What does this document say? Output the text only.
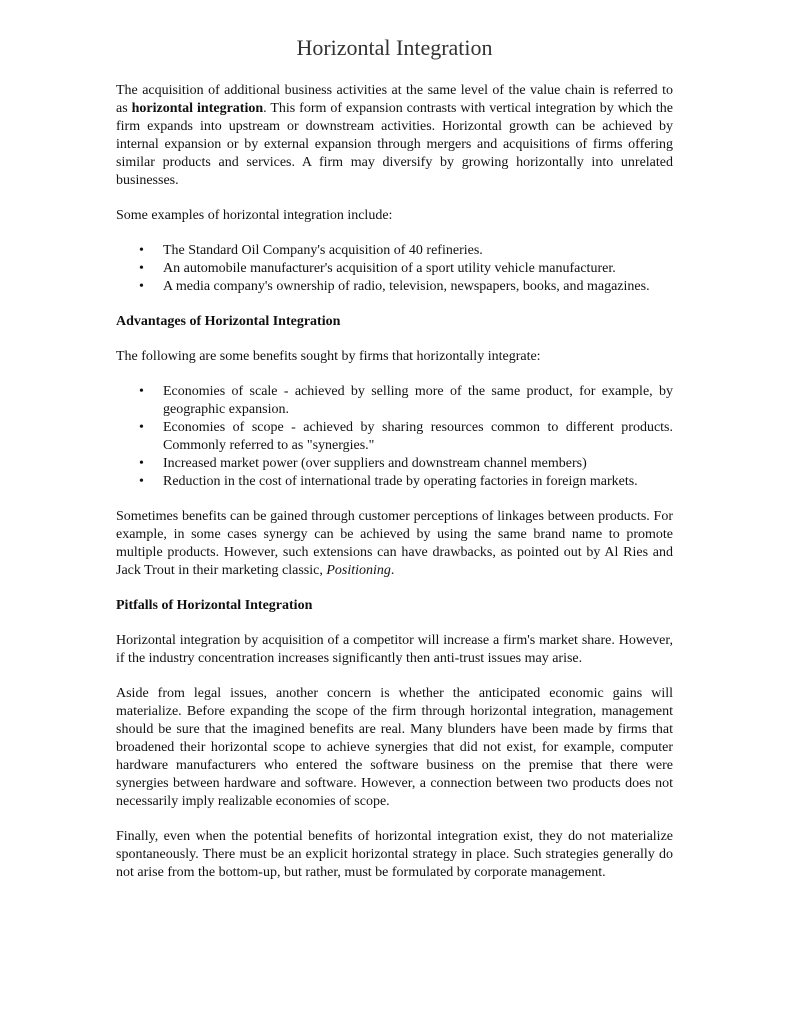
Horizontal Integration

The acquisition of additional business activities at the same level of the value chain is referred to as horizontal integration. This form of expansion contrasts with vertical integration by which the firm expands into upstream or downstream activities. Horizontal growth can be achieved by internal expansion or by external expansion through mergers and acquisitions of firms offering similar products and services. A firm may diversify by growing horizontally into unrelated businesses.

Some examples of horizontal integration include:

• The Standard Oil Company's acquisition of 40 refineries.
• An automobile manufacturer's acquisition of a sport utility vehicle manufacturer.
• A media company's ownership of radio, television, newspapers, books, and magazines.
Advantages of Horizontal Integration

The following are some benefits sought by firms that horizontally integrate:

• Economies of scale - achieved by selling more of the same product, for example, by geographic expansion.
• Economies of scope - achieved by sharing resources common to different products. Commonly referred to as "synergies."
• Increased market power (over suppliers and downstream channel members)
• Reduction in the cost of international trade by operating factories in foreign markets.

Sometimes benefits can be gained through customer perceptions of linkages between products. For example, in some cases synergy can be achieved by using the same brand name to promote multiple products. However, such extensions can have drawbacks, as pointed out by Al Ries and Jack Trout in their marketing classic, Positioning.

Pitfalls of Horizontal Integration

Horizontal integration by acquisition of a competitor will increase a firm's market share. However, if the industry concentration increases significantly then anti-trust issues may arise.

Aside from legal issues, another concern is whether the anticipated economic gains will materialize. Before expanding the scope of the firm through horizontal integration, management should be sure that the imagined benefits are real. Many blunders have been made by firms that broadened their horizontal scope to achieve synergies that did not exist, for example, computer hardware manufacturers who entered the software business on the premise that there were synergies between hardware and software. However, a connection between two products does not necessarily imply realizable economies of scope.

Finally, even when the potential benefits of horizontal integration exist, they do not materialize spontaneously. There must be an explicit horizontal strategy in place. Such strategies generally do not arise from the bottom-up, but rather, must be formulated by corporate management.
